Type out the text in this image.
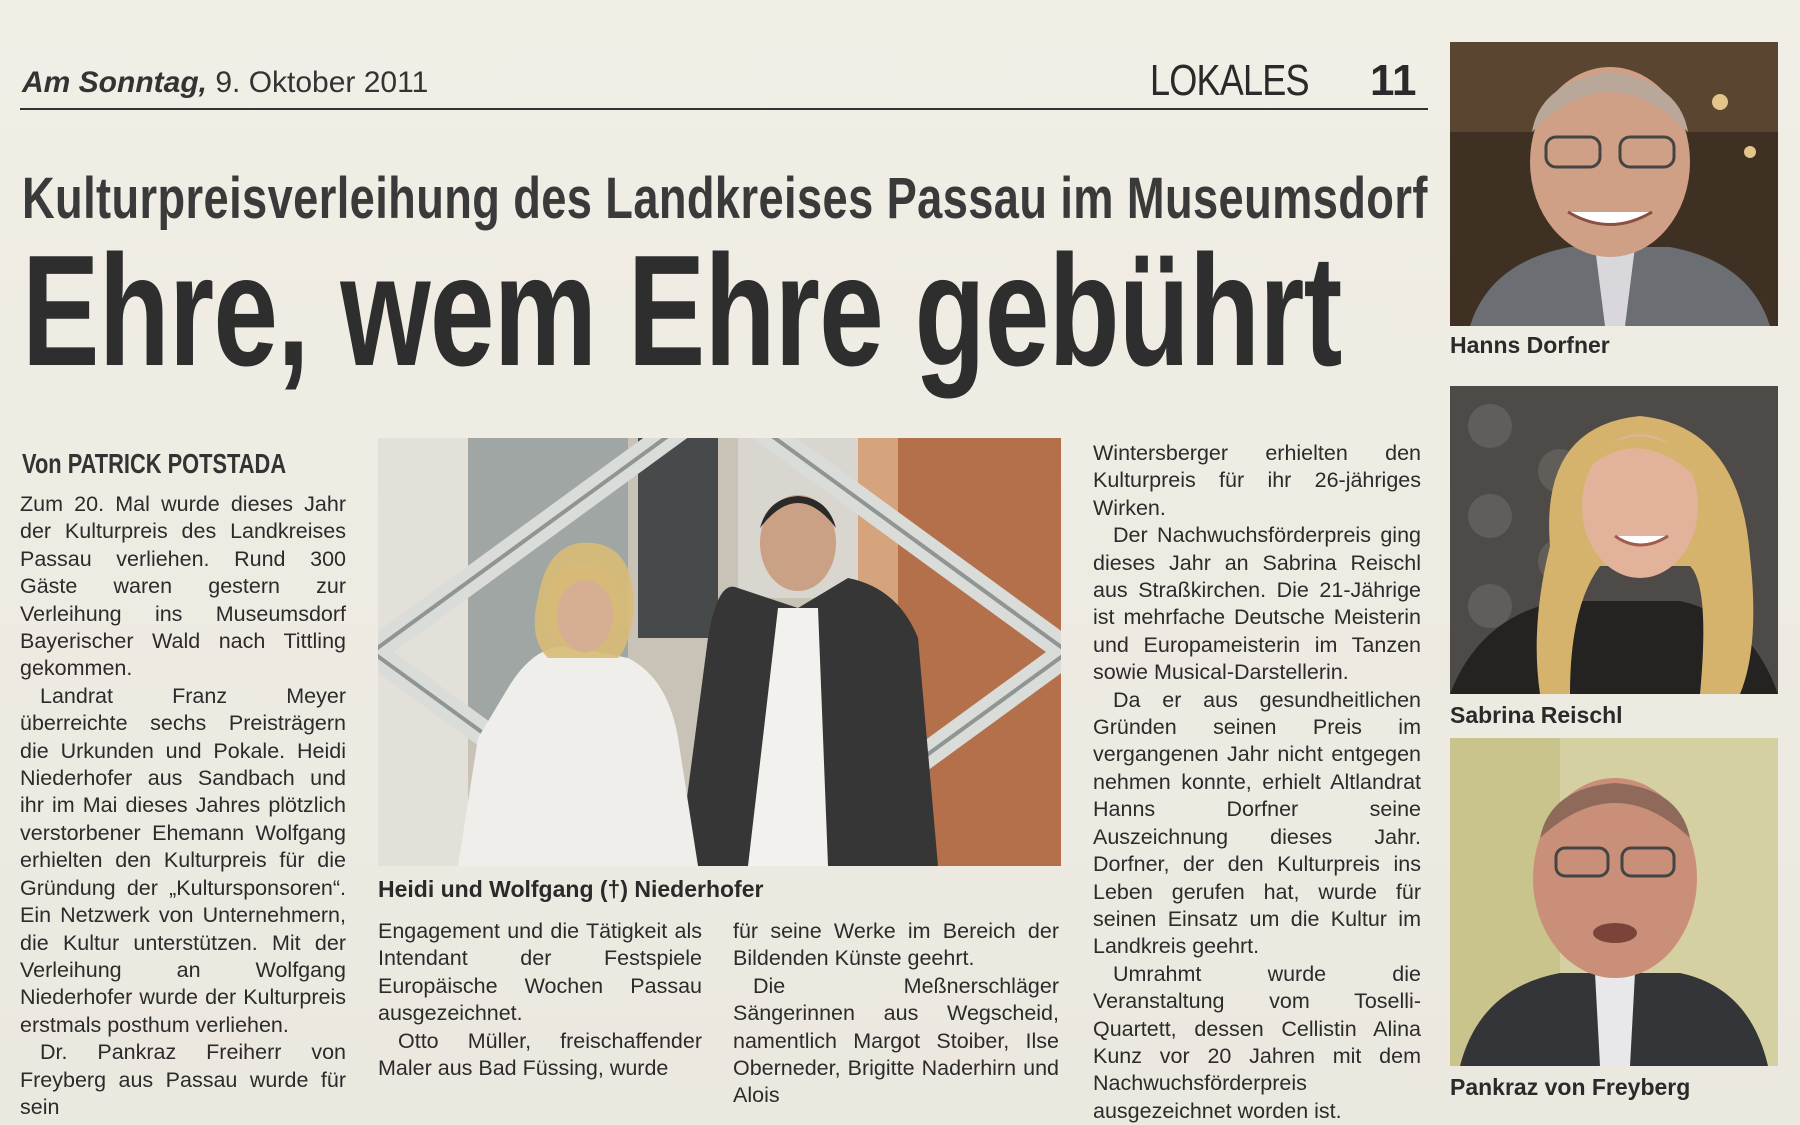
Am Sonntag, 9. Oktober 2011	LOKALES 11
Kulturpreisverleihung des Landkreises Passau im Museumsdorf
Ehre, wem Ehre gebührt
Von PATRICK POTSTADA

Zum 20. Mal wurde dieses Jahr der Kulturpreis des Landkreises Passau verliehen. Rund 300 Gäste waren gestern zur Verleihung ins Museumsdorf Bayerischer Wald nach Tittling gekommen.

Landrat Franz Meyer überreichte sechs Preisträgern die Urkunden und Pokale. Heidi Niederhofer aus Sandbach und ihr im Mai dieses Jahres plötzlich verstorbener Ehemann Wolfgang erhielten den Kulturpreis für die Gründung der „Kultursponsoren“. Ein Netzwerk von Unternehmern, die Kultur unterstützen. Mit der Verleihung an Wolfgang Niederhofer wurde der Kulturpreis erstmals posthum verliehen.

Dr. Pankraz Freiherr von Freyberg aus Passau wurde für sein

Heidi und Wolfgang (†) Niederhofer

Engagement und die Tätigkeit als Intendant der Festspiele Europäische Wochen Passau ausgezeichnet.

Otto Müller, freischaffender Maler aus Bad Füssing, wurde

für seine Werke im Bereich der Bildenden Künste geehrt.

Die Meßnerschläger Sängerinnen aus Wegscheid, namentlich Margot Stoiber, Ilse Oberneder, Brigitte Naderhirn und Alois

Wintersberger erhielten den Kulturpreis für ihr 26-jähriges Wirken.

Der Nachwuchsförderpreis ging dieses Jahr an Sabrina Reischl aus Straßkirchen. Die 21-Jährige ist mehrfache Deutsche Meisterin und Europameisterin im Tanzen sowie Musical-Darstellerin.

Da er aus gesundheitlichen Gründen seinen Preis im vergangenen Jahr nicht entgegen nehmen konnte, erhielt Altlandrat Hanns Dorfner seine Auszeichnung dieses Jahr. Dorfner, der den Kulturpreis ins Leben gerufen hat, wurde für seinen Einsatz um die Kultur im Landkreis geehrt.

Umrahmt wurde die Veranstaltung vom Toselli-Quartett, dessen Cellistin Alina Kunz vor 20 Jahren mit dem Nachwuchsförderpreis ausgezeichnet worden ist.

Hanns Dorfner
Sabrina Reischl
Pankraz von Freyberg
